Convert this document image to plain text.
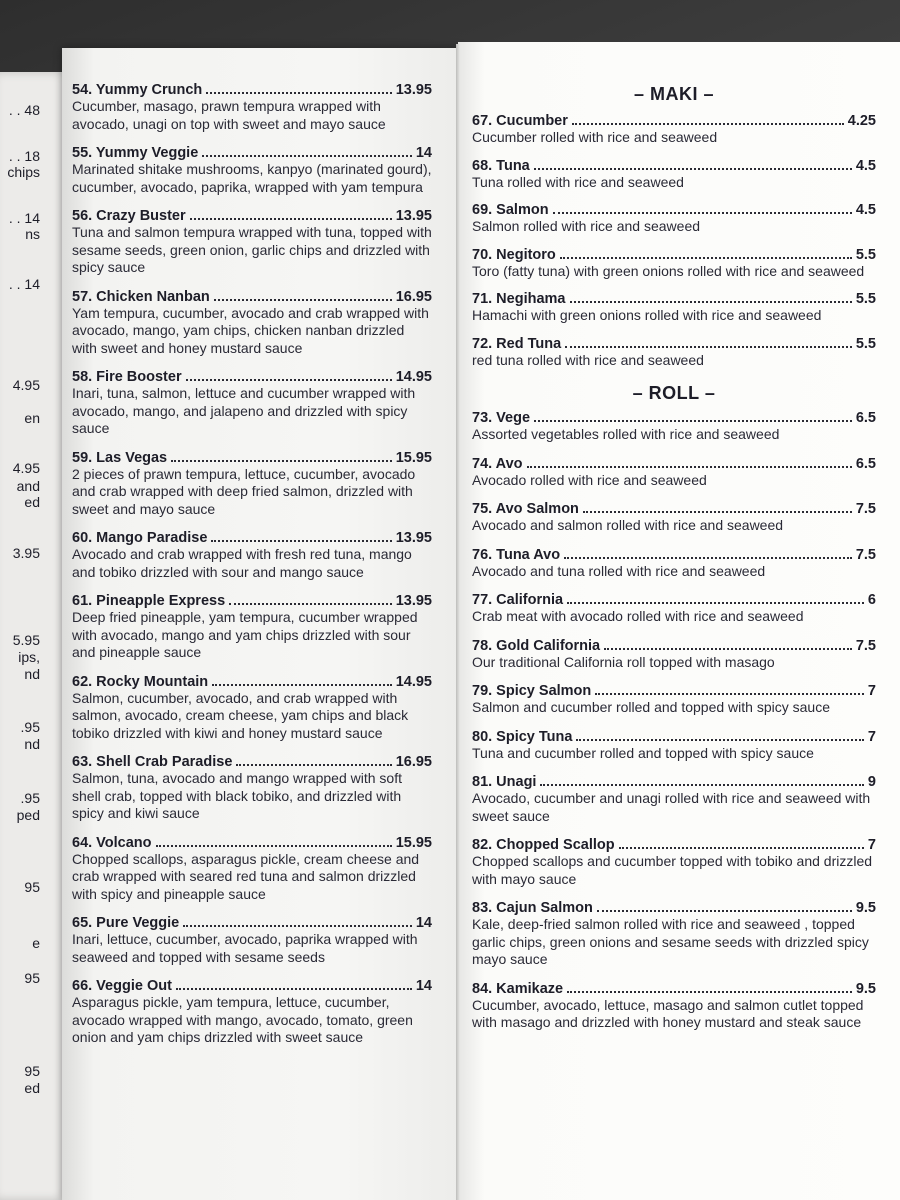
. . 48
. . 18
chips
. . 14
ns
. . 14
4.95
en
4.95
and
ed
3.95
5.95
ips,
nd
.95
nd
.95
ped
95
e
95
95
ed
54. Yummy Crunch	13.95
Cucumber, masago, prawn tempura wrapped with avocado, unagi on top with sweet and mayo sauce
55. Yummy Veggie	14
Marinated shitake mushrooms, kanpyo (marinated gourd), cucumber, avocado, paprika, wrapped with yam tempura
56. Crazy Buster	13.95
Tuna and salmon tempura wrapped with tuna, topped with sesame seeds, green onion, garlic chips and drizzled with spicy sauce
57. Chicken Nanban	16.95
Yam tempura, cucumber, avocado and crab wrapped with avocado, mango, yam chips, chicken nanban drizzled with sweet and honey mustard sauce
58. Fire Booster	14.95
Inari, tuna, salmon, lettuce and cucumber wrapped with avocado, mango, and jalapeno and drizzled with spicy sauce
59. Las Vegas	15.95
2 pieces of prawn tempura, lettuce, cucumber, avocado and crab wrapped with deep fried salmon, drizzled with sweet and mayo sauce
60. Mango Paradise	13.95
Avocado and crab wrapped with fresh red tuna, mango and tobiko drizzled with sour and mango sauce
61. Pineapple Express	13.95
Deep fried pineapple, yam tempura, cucumber wrapped with avocado, mango and yam chips drizzled with sour and pineapple sauce
62. Rocky Mountain	14.95
Salmon, cucumber, avocado, and crab wrapped with salmon, avocado, cream cheese, yam chips and black tobiko drizzled with kiwi and honey mustard sauce
63. Shell Crab Paradise	16.95
Salmon, tuna, avocado and mango wrapped with soft shell crab, topped with black tobiko, and drizzled with spicy and kiwi sauce
64. Volcano	15.95
Chopped scallops, asparagus pickle, cream cheese and crab wrapped with seared red tuna and salmon drizzled with spicy and pineapple sauce
65. Pure Veggie	14
Inari, lettuce, cucumber, avocado, paprika wrapped with seaweed and topped with sesame seeds
66. Veggie Out	14
Asparagus pickle, yam tempura, lettuce, cucumber, avocado wrapped with mango, avocado, tomato, green onion and yam chips drizzled with sweet sauce
– MAKI –
67. Cucumber	4.25
Cucumber rolled with rice and seaweed
68. Tuna	4.5
Tuna rolled with rice and seaweed
69. Salmon	4.5
Salmon rolled with rice and seaweed
70. Negitoro	5.5
Toro (fatty tuna) with green onions rolled with rice and seaweed
71. Negihama	5.5
Hamachi with green onions rolled with rice and seaweed
72. Red Tuna	5.5
red tuna rolled with rice and seaweed
– ROLL –
73. Vege	6.5
Assorted vegetables rolled with rice and seaweed
74. Avo	6.5
Avocado rolled with rice and seaweed
75. Avo Salmon	7.5
Avocado and salmon rolled with rice and seaweed
76. Tuna Avo	7.5
Avocado and tuna rolled with rice and seaweed
77. California	6
Crab meat with avocado rolled with rice and seaweed
78. Gold California	7.5
Our traditional California roll topped with masago
79. Spicy Salmon	7
Salmon and cucumber rolled and topped with spicy sauce
80. Spicy Tuna	7
Tuna and cucumber rolled and topped with spicy sauce
81. Unagi	9
Avocado, cucumber and unagi rolled with rice and seaweed with sweet sauce
82. Chopped Scallop	7
Chopped scallops and cucumber topped with tobiko and drizzled with mayo sauce
83. Cajun Salmon	9.5
Kale, deep-fried salmon rolled with rice and seaweed , topped garlic chips, green onions and sesame seeds with drizzled spicy mayo sauce
84. Kamikaze	9.5
Cucumber, avocado, lettuce, masago and salmon cutlet topped with masago and drizzled with honey mustard and steak sauce
